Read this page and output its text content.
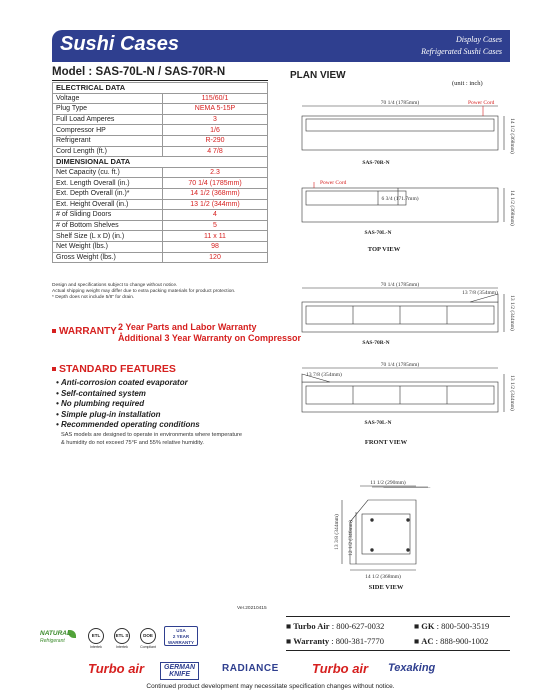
Sushi Cases	Display Cases
Refrigerated Sushi Cases
Model : SAS-70L-N / SAS-70R-N
ELECTRICAL DATA	
Voltage	115/60/1
Plug Type	NEMA 5-15P
Full Load Amperes	3
Compressor HP	1/6
Refrigerant	R-290
Cord Length (ft.)	4 7/8
DIMENSIONAL DATA	
Net Capacity (cu. ft.)	2.3
Ext. Length Overall (in.)	70 1/4 (1785mm)
Ext. Depth Overall (in.)*	14 1/2 (368mm)
Ext. Height Overall (in.)	13 1/2 (344mm)
# of Sliding Doors	4
# of Bottom Shelves	5
Shelf Size (L x D) (in.)	11 x 11
Net Weight (lbs.)	98
Gross Weight (lbs.)	120
Design and specifications subject to change without notice.
Actual shipping weight may differ due to extra packing materials for product protection.
* Depth does not include 5/8" for drain.
WARRANTY :
2 Year Parts and Labor Warranty
Additional 3 Year Warranty on Compressor
STANDARD FEATURES
• Anti-corrosion coated evaporator
• Self-contained system
• No plumbing required
• Simple plug-in installation
• Recommended operating conditions
SAS models are designed to operate in environments where temperature
& humidity do not exceed 75°F and 55% relative humidity.
PLAN VIEW
(unit : inch)
70 1/4 (1785mm)
14 1/2 (368mm)
6 3/4 (171.7mm)	14 1/2 (368mm)
70 1/4 (1785mm)
13 7/8 (354mm)
13 1/2 (344mm)
70 1/4 (1785mm)
13 7/8 (354mm)
13 1/2 (344mm)
Power Cord
Power Cord
SAS-70R-N
SAS-70L-N
SAS-70R-N
SAS-70L-N
TOP VIEW
FRONT VIEW
11 1/2 (290mm)
13 3/8 (344mm) 12 1/2 (346mm)
14 1/2 (368mm)
SIDE VIEW
Ver.20210415
NATURAL
Refrigerant
ETL
Intertek
ETL S
Intertek
DOE
Compliant
USA
2 YEAR
WARRANTY
■ Turbo Air : 800-627-0032	■ GK : 800-500-3519
■ Warranty : 800-381-7770	■ AC : 888-900-1002
Turbo air	GERMAN
KNIFE
RADIANCE	Turbo air Texaking
Continued product development may necessitate specification changes without notice.
